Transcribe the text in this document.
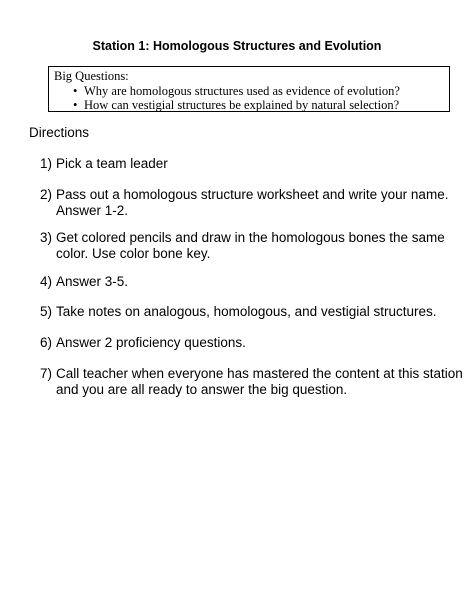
Station 1: Homologous Structures and Evolution

Big Questions:

• Why are homologous structures used as evidence of evolution?
• How can vestigial structures be explained by natural selection?
Directions
1) Pick a team leader
2) Pass out a homologous structure worksheet and write your name.
Answer 1-2.
3) Get colored pencils and draw in the homologous bones the same
color. Use color bone key.
4) Answer 3-5.
5) Take notes on analogous, homologous, and vestigial structures.
6) Answer 2 proficiency questions.
7) Call teacher when everyone has mastered the content at this station
and you are all ready to answer the big question.
